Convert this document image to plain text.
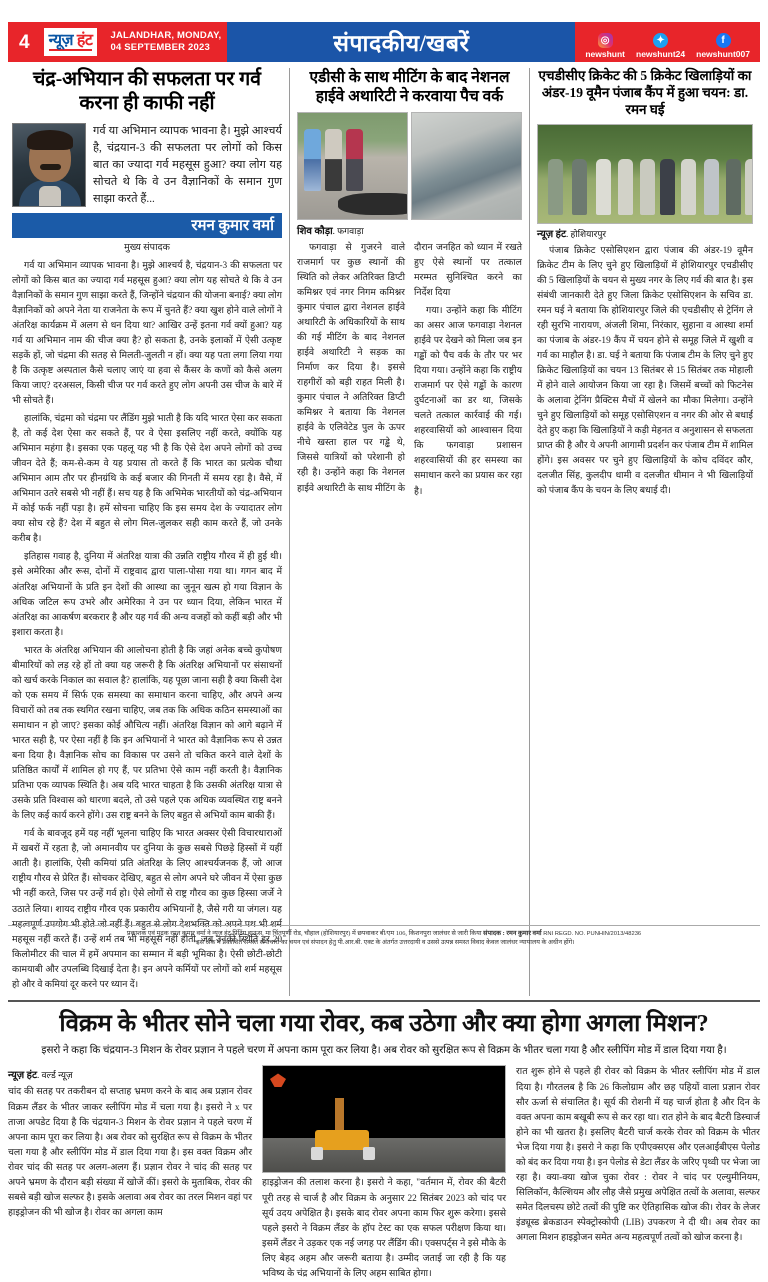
4	न्यूज़ हंट JALANDHAR, MONDAY,
04 SEPTEMBER 2023	संपादकीय/खबरें	◎
newshunt
✦
newshunt24
f
newshunt007
चंद्र-अभियान की सफलता पर गर्व करना ही काफी नहीं
गर्व या अभिमान व्यापक भावना है। मुझे आश्चर्य है, चंद्रयान-3 की सफलता पर लोगों को किस बात का ज्यादा गर्व महसूस हुआ? क्या लोग यह सोचते थे कि वे उन वैज्ञानिकों के समान गुण साझा करते हैं...
रमन कुमार वर्मा
मुख्य संपादक

गर्व या अभिमान व्यापक भावना है। मुझे आश्चर्य है, चंद्रयान-3 की सफलता पर लोगों को किस बात का ज्यादा गर्व महसूस हुआ? क्या लोग यह सोचते थे कि वे उन वैज्ञानिकों के समान गुण साझा करते हैं, जिन्होंने चंद्रयान की योजना बनाई? क्या लोग वैज्ञानिकों को अपने नेता या राजनेता के रूप में चुनते हैं? क्या खुश होने वाले लोगों ने अंतरिक्ष कार्यक्रम में अलग से धन दिया था? आखिर उन्हें इतना गर्व क्यों हुआ? यह गर्व या अभिमान नाम की चीज क्या है? हो सकता है, उनके इलाकों में ऐसी उत्कृष्ट सड़कें हों, जो चंद्रमा की सतह से मिलती-जुलती न हों। क्या यह पता लगा लिया गया है कि उत्कृष्ट अस्पताल कैसे चलाए जाएं या हवा से कैंसर के कणों को कैसे अलग किया जाए? दरअसल, किसी चीज पर गर्व करते हुए लोग अपनी उस चीज के बारे में भी सोचते हैं।

हालांकि, चंद्रमा को चंद्रमा पर लैंडिंग मुझे भाती है कि यदि भारत ऐसा कर सकता है, तो कई देश ऐसा कर सकते हैं, पर वे ऐसा इसलिए नहीं करते, क्योंकि यह अभिमान महंगा है। इसका एक पहलू यह भी है कि ऐसे देश अपने लोगों को उच्च जीवन देते हैं; कम-से-कम वे यह प्रयास तो करते हैं कि भारत का प्रत्येक चौथा अभिमान आम तौर पर हीनग्रंथि के कई बजार की गिनती में समय रहा है। वैसे, में अभिमान उतरे सबसे भी नहीं हैं। सच यह है कि अभिमेक भारतीयों को चंद्र-अभियान में कोई फर्क नहीं पड़ा है। हमें सोचना चाहिए कि इस समय देश के ज्यादातर लोग क्या सोच रहे हैं? देश में बहुत से लोग मिल-जुलकर सही काम करते हैं, जो उनके करीब है।

इतिहास गवाह है, दुनिया में अंतरिक्ष यात्रा की उन्नति राष्ट्रीय गौरव में ही हुई थी। इसे अमेरिका और रूस, दोनों में राष्ट्रवाद द्वारा पाला-पोसा गया था। गगन बाद में अंतरिक्ष अभियानों के प्रति इन देशों की आस्था का जुनून खत्म हो गया विज्ञान के अधिक जटिल रूप उभरे और अमेरिका ने उन पर ध्यान दिया, लेकिन भारत में अंतरिक्ष का आकर्षण बरकरार है और यह गर्व की अन्य वजहों को कहीं बड़ी और भी इशारा करता है।

भारत के अंतरिक्ष अभियान की आलोचना होती है कि जहां अनेक बच्चे कुपोषण बीमारियों को लड़ रहे हों तो क्या यह जरूरी है कि अंतरिक्ष अभियानों पर संसाधनों को खर्च करके निकाल का सवाल है? हालांकि, यह पूछा जाना सही है क्या किसी देश को एक समय में सिर्फ एक समस्या का समाधान करना चाहिए, और अपने अन्य विचारों को तब तक स्थगित रखना चाहिए, जब तक कि अधिक कठिन समस्याओं का समाधान न हो जाए? इसका कोई औचित्य नहीं। अंतरिक्ष विज्ञान को आगे बढ़ाने में भारत सही है, पर ऐसा नहीं है कि इन अभियानों ने भारत को वैज्ञानिक रूप से उन्नत बना दिया है। वैज्ञानिक सोच का विकास पर उसने तो चकित करने वाले देशों के प्रतिष्ठित कार्यों में शामिल हो गए हैं, पर प्रतिभा ऐसे काम नहीं करती है। वैज्ञानिक प्रतिभा एक व्यापक स्थिति है। अब यदि भारत चाहता है कि उसकी अंतरिक्ष यात्रा से उसके प्रति विश्वास को धारणा बदले, तो उसे पहले एक अधिक व्यवस्थित राष्ट्र बनने के लिए कई कार्य करने होंगे। उस राष्ट्र बनने के लिए बहुत से अभियों काम बाकी हैं।

गर्व के बावजूद हमें यह नहीं भूलना चाहिए कि भारत अक्सर ऐसी विचारधाराओं में खबरों में रहता है, जो अमानवीय पर दुनिया के कुछ सबसे पिछड़े हिस्सों में यहीं आती है। हालांकि, ऐसी कमियां प्रति अंतरिक्ष के लिए आश्चर्यजनक हैं, जो आज राष्ट्रीय गौरव से प्रेरित हैं। सोचकर देखिए, बहुत से लोग अपने घरे जीवन में ऐसा कुछ भी नहीं करते, जिस पर उन्हें गर्व हो। ऐसे लोगों से राष्ट्र गौरव का कुछ हिस्सा जर्जे ने उठाते लिया। शायद राष्ट्रीय गौरव एक प्रकारीय अभियानों है, जैसे गरी या जंगल। यह महत्वपूर्ण उपयोग भी होते जो नहीं हैं। बहुत से लोग देशभक्ति को अपने पथ भी शर्म महसूस नहीं करते हैं। उन्हें शर्म तब भी महसूस नहीं होती, जब उनकी स्थिति हर 20 किलोमीटर की चाल में हमें अपमान का सम्मान में बड़ी भूमिका है। ऐसी छोटी-छोटी कामयाबी और उपलब्धि दिखाई देता है। इन अपने कर्मियों पर लोगों को शर्म महसूस हो और वे कमियां दूर करने पर ध्यान दें।

एडीसी के साथ मीटिंग के बाद नेशनल हाईवे अथारिटी ने करवाया पैच वर्क
शिव कौड़ा. फगवाड़ा

फगवाड़ा से गुजरने वाले राजमार्ग पर कुछ स्थानों की स्थिति को लेकर अतिरिक्त डिप्टी कमिश्नर एवं नगर निगम कमिश्नर कुमार पंचाल द्वारा नेशनल हाईवे अथारिटी के अधिकारियों के साथ की गई मीटिंग के बाद नेशनल हाईवे अथारिटी ने सड़क का निर्माण कर दिया है। इससे राहगीरों को बड़ी राहत मिली है। कुमार पंचाल ने अतिरिक्त डिप्टी कमिश्नर ने बताया कि नेशनल हाईवे के एलिवेटेड पुल के ऊपर नीचे खस्ता हाल पर गड्ढे थे, जिससे यात्रियों को परेशानी हो रही है। उन्होंने कहा कि नेशनल हाईवे अथारिटी के साथ मीटिंग के दौरान जनहित को ध्यान में रखते हुए ऐसे स्थानों पर तत्काल मरम्मत सुनिश्चित करने का निर्देश दिया

गया। उन्होंने कहा कि मीटिंग का असर आज फगवाड़ा नेशनल हाईवे पर देखने को मिला जब इन गड्ढों को पैच वर्क के तौर पर भर दिया गया। उन्होंने कहा कि राष्ट्रीय राजमार्ग पर ऐसे गड्ढों के कारण दुर्घटनाओं का डर था, जिसके चलते तत्काल कार्रवाई की गई। शहरवासियों को आश्वासन दिया कि फगवाड़ा प्रशासन शहरवासियों की हर समस्या का समाधान करने का प्रयास कर रहा है।

एचडीसीए क्रिकेट की 5 क्रिकेट खिलाड़ियों का अंडर-19 वूमैन पंजाब कैंप में हुआ चयन: डा. रमन घई
न्यूज़ हंट. होशियारपुर

पंजाब क्रिकेट एसोसिएशन द्वारा पंजाब की अंडर-19 वूमैन क्रिकेट टीम के लिए चुने हुए खिलाड़ियों में होशियारपुर एचडीसीए की 5 खिलाड़ियों के चयन से मुख्य नगर के लिए गर्व की बात है। इस संबंधी जानकारी देते हुए जिला क्रिकेट एसोसिएशन के सचिव डा. रमन घई ने बताया कि होशियारपुर जिले की एचडीसीए से ट्रेनिंग ले रही सुरभि नारायण, अंजली शिमा, निरंकार, सुहाना व आस्था शर्मा का पंजाब के अंडर-19 कैंप में चयन होने से समूह जिले में खुशी व गर्व का माहौल है। डा. घई ने बताया कि पंजाब टीम के लिए चुने हुए क्रिकेट खिलाड़ियों का चयन 13 सितंबर से 15 सितंबर तक मोहाली में होने वाले आयोजन किया जा रहा है। जिसमें बच्चों को फिटनेस के अलावा ट्रेनिंग प्रैक्टिस मैचों में खेलने का मौका मिलेगा। उन्होंने चुने हुए खिलाड़ियों को समूह एसोसिएशन व नगर की ओर से बधाई देते हुए कहा कि खिलाड़ियों ने कड़ी मेहनत व अनुशासन से सफलता प्राप्त की है और ये अपनी आगामी प्रदर्शन कर पंजाब टीम में शामिल होंगे। इस अवसर पर चुने हुए खिलाड़ियों के कोच दविंदर कौर, दलजीत सिंह, कुलदीप धामी व दलजीत धीमान ने भी खिलाड़ियों को पंजाब कैंप के चयन के लिए बधाई दी।

विक्रम के भीतर सोने चला गया रोवर, कब उठेगा और क्या होगा अगला मिशन?
इसरो ने कहा कि चंद्रयान-3 मिशन के रोवर प्रज्ञान ने पहले चरण में अपना काम पूरा कर लिया है। अब रोवर को सुरक्षित रूप से विक्रम के भीतर चला गया है और स्लीपिंग मोड में डाल दिया गया है।
न्यूज़ हंट. वर्ल्ड न्यूज़
चांद की सतह पर तकरीबन दो सप्ताह भ्रमण करने के बाद अब प्रज्ञान रोवर विक्रम लैंडर के भीतर जाकर स्लीपिंग मोड में चला गया है। इसरो ने x पर ताजा अपडेट दिया है कि चंद्रयान-3 मिशन के रोवर प्रज्ञान ने पहले चरण में अपना काम पूरा कर लिया है। अब रोवर को सुरक्षित रूप से विक्रम के भीतर चला गया है और स्लीपिंग मोड में डाल दिया गया है। इस वक्त विक्रम और रोवर चांद की सतह पर अलग-अलग हैं। प्रज्ञान रोवर ने चांद की सतह पर अपने भ्रमण के दौरान बड़ी संख्या में खोजें कीं। इसरो के मुताबिक, रोवर की सबसे बड़ी खोज सल्फर है। इसके अलावा अब रोवर का तरल मिशन वहां पर हाइड्रोजन की भी खोज है। रोवर का अगला काम
हाइड्रोजन की तलाश करना है। इसरो ने कहा, "वर्तमान में, रोवर की बैटरी पूरी तरह से चार्ज है और विक्रम के अनुसार 22 सितंबर 2023 को चांद पर सूर्य उदय अपेक्षित है। इसके बाद रोवर अपना काम फिर शुरू करेगा। इससे पहले इसरो ने विक्रम लैंडर के हॉप टेस्ट का एक सफल परीक्षण किया था। इसमें लैंडर ने उड़कर एक नई जगह पर लैंडिंग की। एक्सपर्ट्स ने इसे मौके के लिए बेहद अहम और जरूरी बताया है। उम्मीद जताई जा रही है कि यह भविष्य के चंद्र अभियानों के लिए अहम साबित होगा।
रात शुरू होने से पहले ही रोवर को विक्रम के भीतर स्लीपिंग मोड में डाल दिया है। गौरतलब है कि 26 किलोग्राम और छह पहियों वाला प्रज्ञान रोवर सौर ऊर्जा से संचालित है। सूर्य की रोशनी में यह चार्ज होता है और दिन के वक्त अपना काम बखूबी रूप से कर रहा था। रात होने के बाद बैटरी डिस्चार्ज होने का भी खतरा है। इसलिए बैटरी चार्ज करके रोवर को विक्रम के भीतर भेज दिया गया है। इसरो ने कहा कि एपीएक्सएस और एलआईबीएस पेलोड को बंद कर दिया गया है। इन पेलोड से डेटा लैंडर के जरिए पृथ्वी पर भेजा जा रहा है। क्या-क्या खोज चुका रोवर : रोवर ने चांद पर एल्युमीनियम, सिलिकॉन, कैल्शियम और लौह जैसे प्रमुख अपेक्षित तत्वों के अलावा, सल्फर समेत दिलचस्प छोटे तत्वों की पुष्टि कर ऐतिहासिक खोज की। रोवर के लेजर इंड्यूस्ड ब्रेकडाउन स्पेक्ट्रोस्कोपी (LIB) उपकरण ने दी थी। अब रोवर का अगला मिशन हाइड्रोजन समेत अन्य महत्वपूर्ण तत्वों को खोज करना है।
प्रकाशक एवं मुद्रक रमन कुमार वर्मा ने न्यूज़ हंट प्रिंटिंग हाऊस, मा चिंतपूर्णी रोड, चौहाल (होशियारपुर) में छपवाकर बी/एम 106, किशनपुरा जालंधर से जारी किया संपादक : रमन कुमार वर्मा RNI REGD. NO. PUNHIN/2013/48236
*इस अंक में प्रकाशित समस्त समाचारों का चयन एवं संपादन हेतु पी.आर.बी. एक्ट के अंतर्गत उत्तरदायी व उससे उत्पन्न समस्त विवाद केवल जालंधर न्यायालय के अधीन होंगे।
